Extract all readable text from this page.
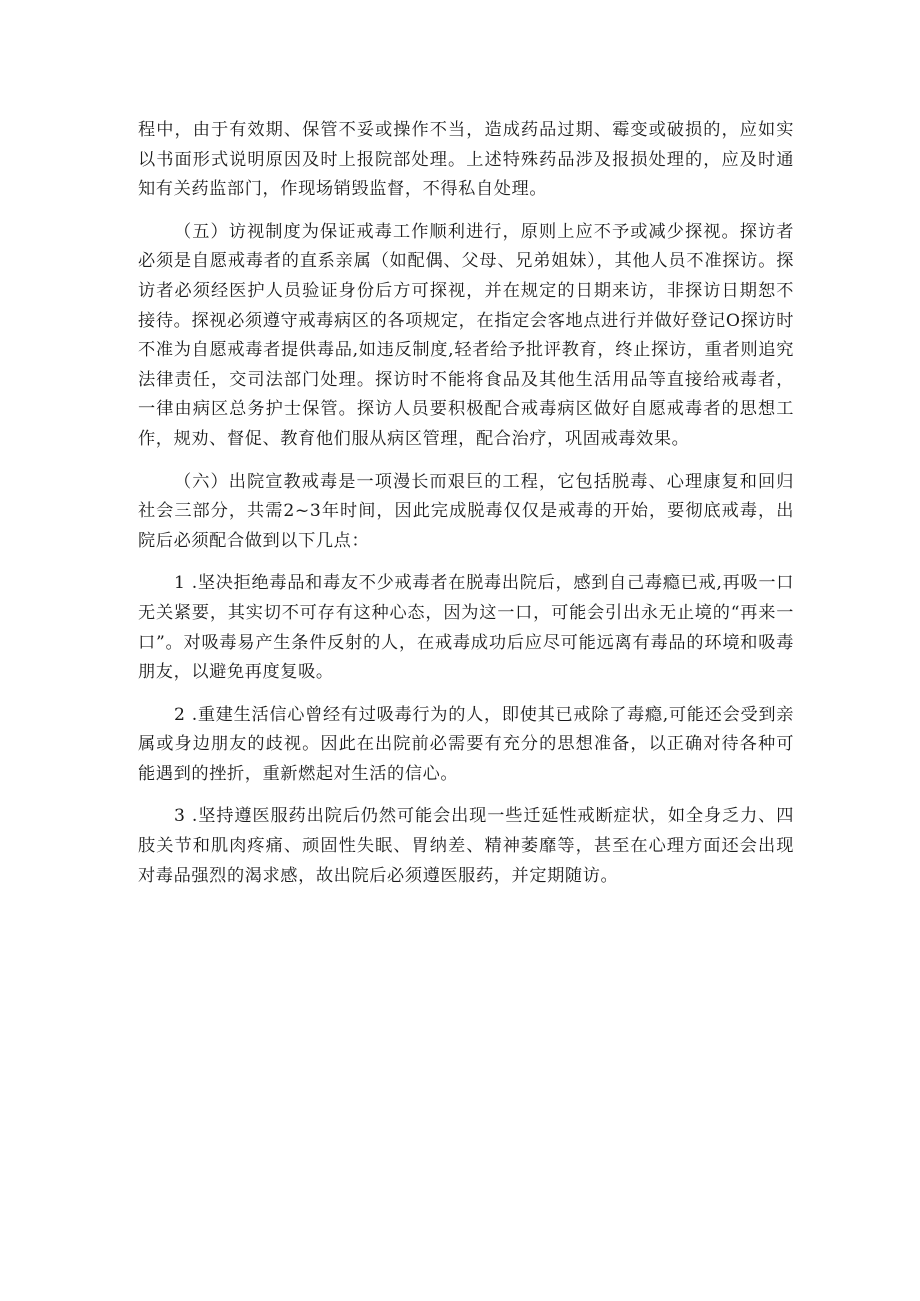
程中，由于有效期、保管不妥或操作不当，造成药品过期、霉变或破损的，应如实以书面形式说明原因及时上报院部处理。上述特殊药品涉及报损处理的，应及时通知有关药监部门，作现场销毁监督，不得私自处理。

（五）访视制度为保证戒毒工作顺利进行，原则上应不予或减少探视。探访者必须是自愿戒毒者的直系亲属（如配偶、父母、兄弟姐妹），其他人员不准探访。探访者必须经医护人员验证身份后方可探视，并在规定的日期来访，非探访日期恕不接待。探视必须遵守戒毒病区的各项规定，在指定会客地点进行并做好登记O探访时不准为自愿戒毒者提供毒品,如违反制度,轻者给予批评教育，终止探访，重者则追究法律责任，交司法部门处理。探访时不能将食品及其他生活用品等直接给戒毒者，一律由病区总务护士保管。探访人员要积极配合戒毒病区做好自愿戒毒者的思想工作，规劝、督促、教育他们服从病区管理，配合治疗，巩固戒毒效果。

（六）出院宣教戒毒是一项漫长而艰巨的工程，它包括脱毒、心理康复和回归社会三部分，共需2~3年时间，因此完成脱毒仅仅是戒毒的开始，要彻底戒毒，出院后必须配合做到以下几点：

1 .坚决拒绝毒品和毒友不少戒毒者在脱毒出院后，感到自己毒瘾已戒,再吸一口无关紧要，其实切不可存有这种心态，因为这一口，可能会引出永无止境的“再来一口”。对吸毒易产生条件反射的人，在戒毒成功后应尽可能远离有毒品的环境和吸毒朋友，以避免再度复吸。

2 .重建生活信心曾经有过吸毒行为的人，即使其已戒除了毒瘾,可能还会受到亲属或身边朋友的歧视。因此在出院前必需要有充分的思想准备，以正确对待各种可能遇到的挫折，重新燃起对生活的信心。

3 .坚持遵医服药出院后仍然可能会出现一些迁延性戒断症状，如全身乏力、四肢关节和肌肉疼痛、顽固性失眠、胃纳差、精神萎靡等，甚至在心理方面还会出现对毒品强烈的渴求感，故出院后必须遵医服药，并定期随访。
